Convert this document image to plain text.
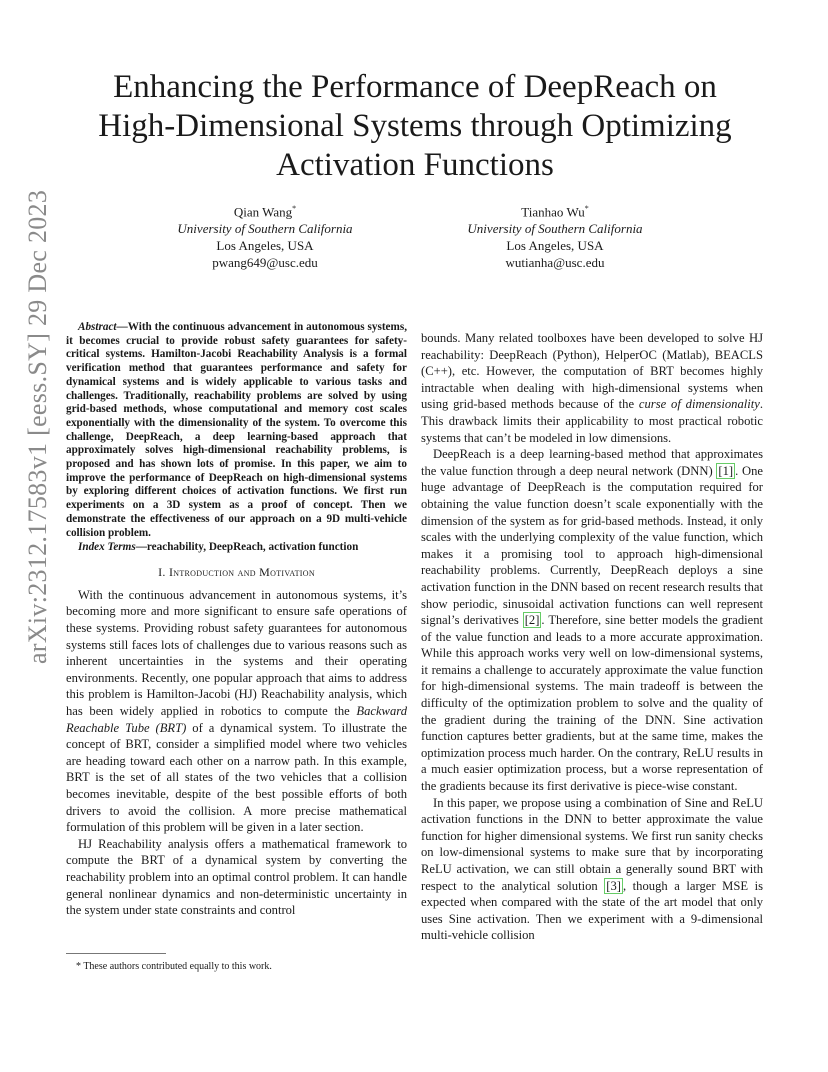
arXiv:2312.17583v1 [eess.SY] 29 Dec 2023
Enhancing the Performance of DeepReach on
High-Dimensional Systems through Optimizing
Activation Functions
Qian Wang*
University of Southern California
Los Angeles, USA
pwang649@usc.edu
Tianhao Wu*
University of Southern California
Los Angeles, USA
wutianha@usc.edu

Abstract—With the continuous advancement in autonomous systems, it becomes crucial to provide robust safety guarantees for safety-critical systems. Hamilton-Jacobi Reachability Analysis is a formal verification method that guarantees performance and safety for dynamical systems and is widely applicable to various tasks and challenges. Traditionally, reachability problems are solved by using grid-based methods, whose computational and memory cost scales exponentially with the dimensionality of the system. To overcome this challenge, DeepReach, a deep learning-based approach that approximately solves high-dimensional reachability problems, is proposed and has shown lots of promise. In this paper, we aim to improve the performance of DeepReach on high-dimensional systems by exploring different choices of activation functions. We first run experiments on a 3D system as a proof of concept. Then we demonstrate the effectiveness of our approach on a 9D multi-vehicle collision problem.

Index Terms—reachability, DeepReach, activation function

I. Introduction and Motivation

With the continuous advancement in autonomous systems, it’s becoming more and more significant to ensure safe operations of these systems. Providing robust safety guarantees for autonomous systems still faces lots of challenges due to various reasons such as inherent uncertainties in the systems and their operating environments. Recently, one popular approach that aims to address this problem is Hamilton-Jacobi (HJ) Reachability analysis, which has been widely applied in robotics to compute the Backward Reachable Tube (BRT) of a dynamical system. To illustrate the concept of BRT, consider a simplified model where two vehicles are heading toward each other on a narrow path. In this example, BRT is the set of all states of the two vehicles that a collision becomes inevitable, despite of the best possible efforts of both drivers to avoid the collision. A more precise mathematical formulation of this problem will be given in a later section.

HJ Reachability analysis offers a mathematical framework to compute the BRT of a dynamical system by converting the reachability problem into an optimal control problem. It can handle general nonlinear dynamics and non-deterministic uncertainty in the system under state constraints and control

bounds. Many related toolboxes have been developed to solve HJ reachability: DeepReach (Python), HelperOC (Matlab), BEACLS (C++), etc. However, the computation of BRT becomes highly intractable when dealing with high-dimensional systems when using grid-based methods because of the curse of dimensionality. This drawback limits their applicability to most practical robotic systems that can’t be modeled in low dimensions.

DeepReach is a deep learning-based method that approximates the value function through a deep neural network (DNN) [1] . One huge advantage of DeepReach is the computation required for obtaining the value function doesn’t scale exponentially with the dimension of the system as for grid-based methods. Instead, it only scales with the underlying complexity of the value function, which makes it a promising tool to approach high-dimensional reachability problems. Currently, DeepReach deploys a sine activation function in the DNN based on recent research results that show periodic, sinusoidal activation functions can well represent signal’s derivatives [2] . Therefore, sine better models the gradient of the value function and leads to a more accurate approximation. While this approach works very well on low-dimensional systems, it remains a challenge to accurately approximate the value function for high-dimensional systems. The main tradeoff is between the difficulty of the optimization problem to solve and the quality of the gradient during the training of the DNN. Sine activation function captures better gradients, but at the same time, makes the optimization process much harder. On the contrary, ReLU results in a much easier optimization process, but a worse representation of the gradients because its first derivative is piece-wise constant.

In this paper, we propose using a combination of Sine and ReLU activation functions in the DNN to better approximate the value function for higher dimensional systems. We first run sanity checks on low-dimensional systems to make sure that by incorporating ReLU activation, we can still obtain a generally sound BRT with respect to the analytical solution [3] , though a larger MSE is expected when compared with the state of the art model that only uses Sine activation. Then we experiment with a 9-dimensional multi-vehicle collision

* These authors contributed equally to this work.
